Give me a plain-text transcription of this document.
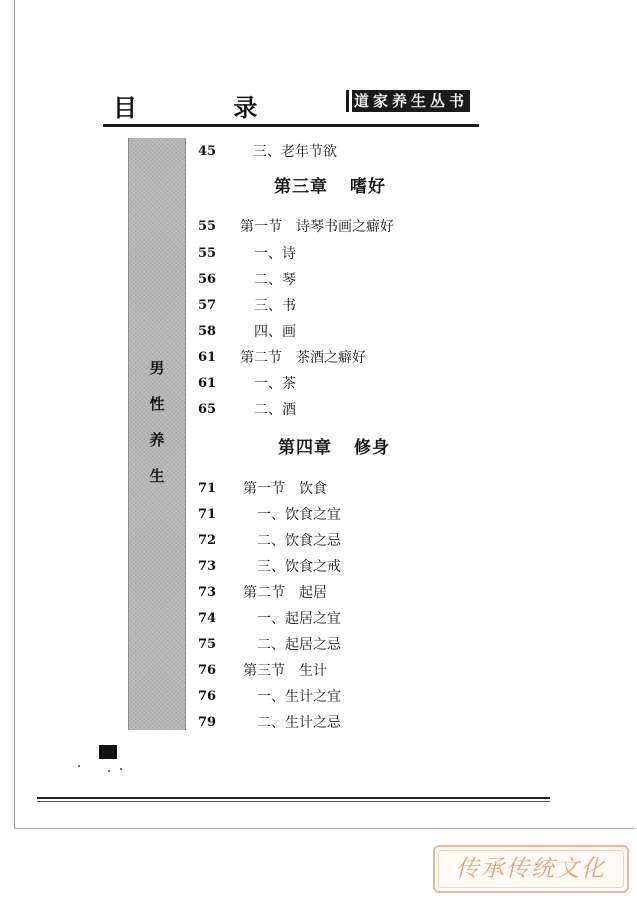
目 录	道家养生丛书
男
性
养
生
45	三、老年节欲
第三章 嗜好
55	第一节　诗琴书画之癖好
55	一、诗
56	二、琴
57	三、书
58	四、画
61	第二节　茶酒之癖好
61	一、茶
65	二、酒
第四章 修身
71	第一节　饮食
71	一、饮食之宜
72	二、饮食之忌
73	三、饮食之戒
73	第二节　起居
74	一、起居之宜
75	二、起居之忌
76	第三节　生计
76	一、生计之宜
79	二、生计之忌
传承传统文化
